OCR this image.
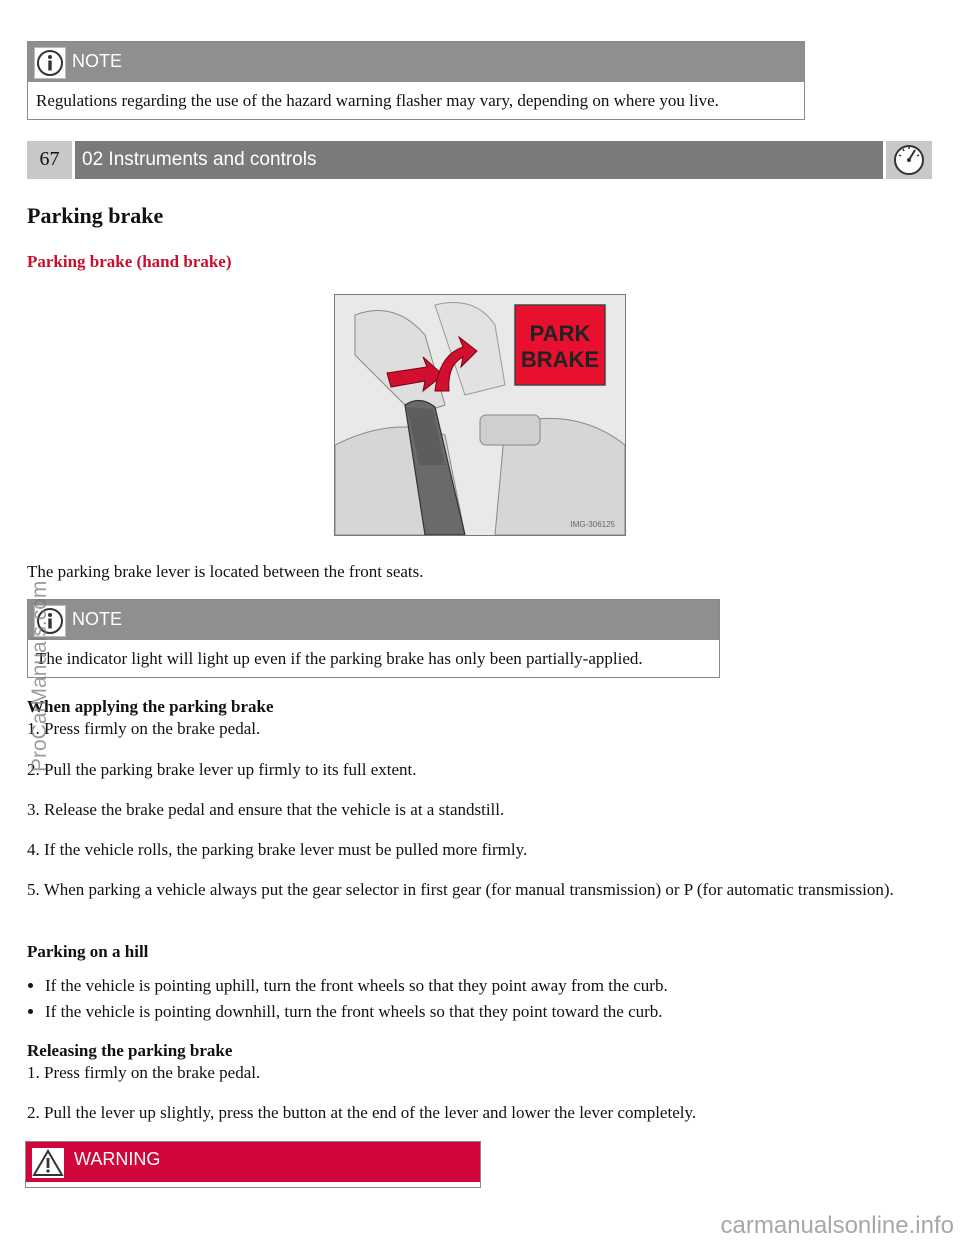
NOTE
Regulations regarding the use of the hazard warning flasher may vary, depending on where you live.
67	02 Instruments and controls
Parking brake
Parking brake (hand brake)
PARK
BRAKE
IMG-306125
The parking brake lever is located between the front seats.
NOTE
The indicator light will light up even if the parking brake has only been partially-applied.
When applying the parking brake
1. Press firmly on the brake pedal.
2. Pull the parking brake lever up firmly to its full extent.
3. Release the brake pedal and ensure that the vehicle is at a standstill.
4. If the vehicle rolls, the parking brake lever must be pulled more firmly.
5. When parking a vehicle always put the gear selector in first gear (for manual transmission) or P (for automatic transmission).
Parking on a hill
• If the vehicle is pointing uphill, turn the front wheels so that they point away from the curb.
• If the vehicle is pointing downhill, turn the front wheels so that they point toward the curb.
Releasing the parking brake
1. Press firmly on the brake pedal.
2. Pull the lever up slightly, press the button at the end of the lever and lower the lever completely.
WARNING
ProCarManuals.com
carmanualsonline.info
